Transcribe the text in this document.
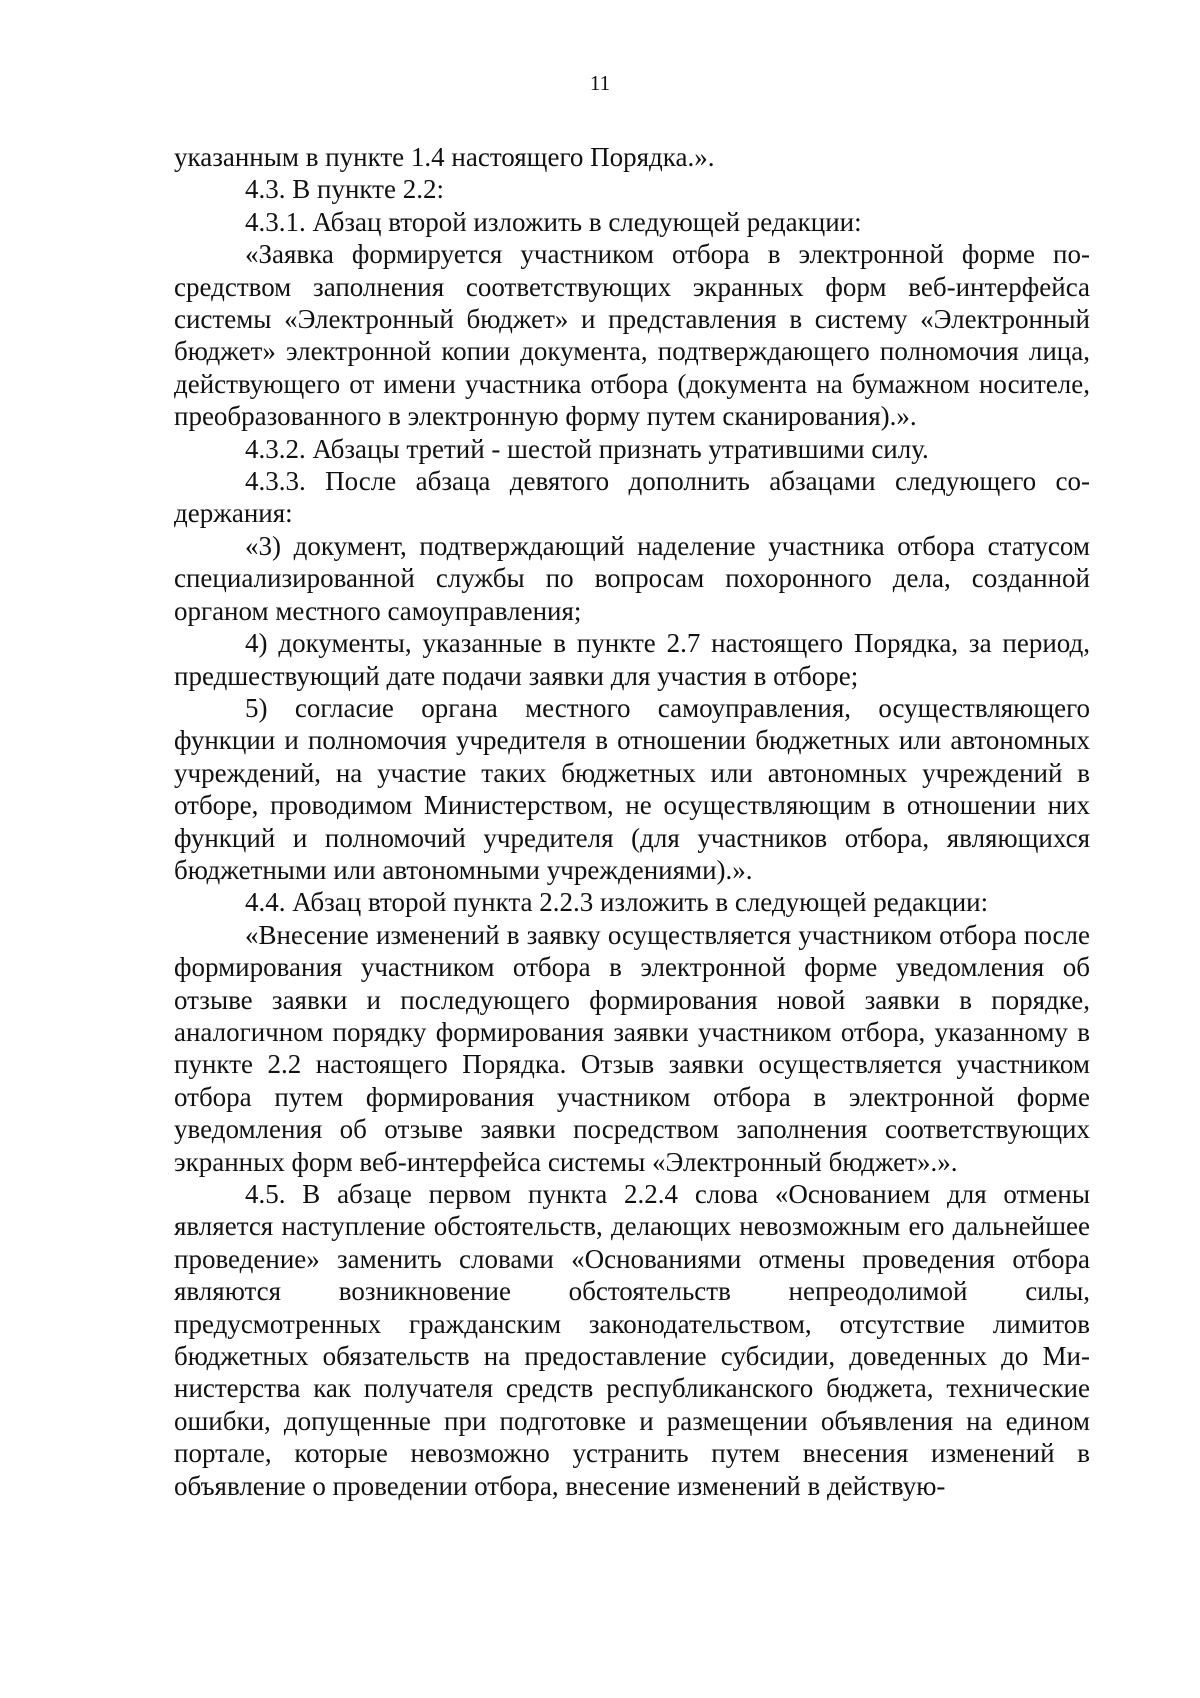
11

указанным в пункте 1.4 настоящего Порядка.».

4.3. В пункте 2.2:

4.3.1. Абзац второй изложить в следующей редакции:

«Заявка формируется участником отбора в электронной форме посредством заполнения соответствующих экранных форм веб-интерфейса системы «Электронный бюджет» и представления в систему «Электронный бюджет» электронной копии документа, подтверждающего полномочия лица, действующего от имени участника отбора (документа на бумажном носителе, преобразованного в электронную форму путем сканирования).».

4.3.2. Абзацы третий - шестой признать утратившими силу.

4.3.3. После абзаца девятого дополнить абзацами следующего содержания:

«3) документ, подтверждающий наделение участника отбора статусом специализированной службы по вопросам похоронного дела, созданной органом местного самоуправления;

4) документы, указанные в пункте 2.7 настоящего Порядка, за период, предшествующий дате подачи заявки для участия в отборе;

5) согласие органа местного самоуправления, осуществляющего функции и полномочия учредителя в отношении бюджетных или автономных учреждений, на участие таких бюджетных или автономных учреждений в отборе, проводимом Министерством, не осуществляющим в отношении них функций и полномочий учредителя (для участников отбора, являющихся бюджетными или автономными учреждениями).».

4.4. Абзац второй пункта 2.2.3 изложить в следующей редакции:

«Внесение изменений в заявку осуществляется участником отбора после формирования участником отбора в электронной форме уведомления об отзыве заявки и последующего формирования новой заявки в порядке, аналогичном порядку формирования заявки участником отбора, указанному в пункте 2.2 настоящего Порядка. Отзыв заявки осуществляется участником отбора путем формирования участником отбора в электронной форме уведомления об отзыве заявки посредством заполнения соответствующих экранных форм веб-интерфейса системы «Электронный бюджет».».

4.5. В абзаце первом пункта 2.2.4 слова «Основанием для отмены является наступление обстоятельств, делающих невозможным его дальнейшее проведение» заменить словами «Основаниями отмены проведения отбора являются возникновение обстоятельств непреодолимой силы, предусмотренных гражданским законодательством, отсутствие лимитов бюджетных обязательств на предоставление субсидии, доведенных до Министерства как получателя средств республиканского бюджета, технические ошибки, допущенные при подготовке и размещении объявления на едином портале, которые невозможно устранить путем внесения изменений в объявление о проведении отбора, внесение изменений в действую-
